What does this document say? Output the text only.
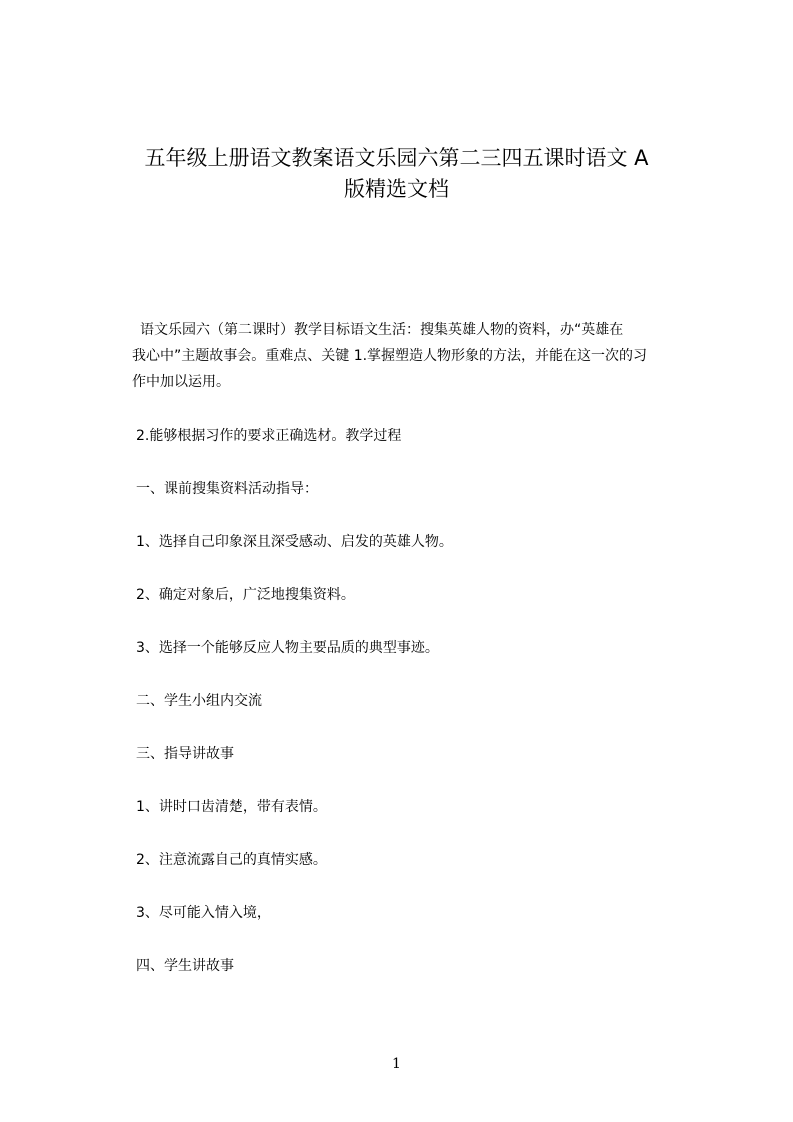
五年级上册语文教案语文乐园六第二三四五课时语文 A
版精选文档

语文乐园六（第二课时）教学目标语文生活：搜集英雄人物的资料，办“英雄在
我心中”主题故事会。重难点、关键 1.掌握塑造人物形象的方法，并能在这一次的习
作中加以运用。

2.能够根据习作的要求正确选材。教学过程

一、课前搜集资料活动指导：

1、选择自己印象深且深受感动、启发的英雄人物。

2、确定对象后，广泛地搜集资料。

3、选择一个能够反应人物主要品质的典型事迹。

二、学生小组内交流

三、指导讲故事

1、讲时口齿清楚，带有表情。

2、注意流露自己的真情实感。

3、尽可能入情入境，

四、学生讲故事

1
